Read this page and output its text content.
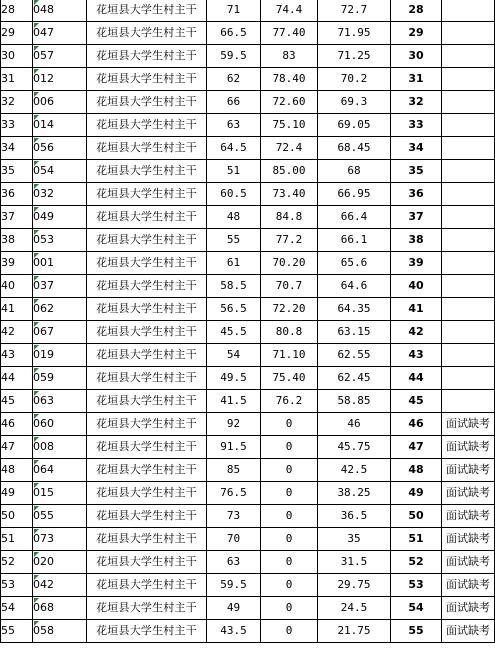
28	048	花垣县大学生村主干	71	74.4	72.7	28	
29	047	花垣县大学生村主干	66.5	77.40	71.95	29	
30	057	花垣县大学生村主干	59.5	83	71.25	30	
31	012	花垣县大学生村主干	62	78.40	70.2	31	
32	006	花垣县大学生村主干	66	72.60	69.3	32	
33	014	花垣县大学生村主干	63	75.10	69.05	33	
34	056	花垣县大学生村主干	64.5	72.4	68.45	34	
35	054	花垣县大学生村主干	51	85.00	68	35	
36	032	花垣县大学生村主干	60.5	73.40	66.95	36	
37	049	花垣县大学生村主干	48	84.8	66.4	37	
38	053	花垣县大学生村主干	55	77.2	66.1	38	
39	001	花垣县大学生村主干	61	70.20	65.6	39	
40	037	花垣县大学生村主干	58.5	70.7	64.6	40	
41	062	花垣县大学生村主干	56.5	72.20	64.35	41	
42	067	花垣县大学生村主干	45.5	80.8	63.15	42	
43	019	花垣县大学生村主干	54	71.10	62.55	43	
44	059	花垣县大学生村主干	49.5	75.40	62.45	44	
45	063	花垣县大学生村主干	41.5	76.2	58.85	45	
46	060	花垣县大学生村主干	92	0	46	46	面试缺考
47	008	花垣县大学生村主干	91.5	0	45.75	47	面试缺考
48	064	花垣县大学生村主干	85	0	42.5	48	面试缺考
49	015	花垣县大学生村主干	76.5	0	38.25	49	面试缺考
50	055	花垣县大学生村主干	73	0	36.5	50	面试缺考
51	073	花垣县大学生村主干	70	0	35	51	面试缺考
52	020	花垣县大学生村主干	63	0	31.5	52	面试缺考
53	042	花垣县大学生村主干	59.5	0	29.75	53	面试缺考
54	068	花垣县大学生村主干	49	0	24.5	54	面试缺考
55	058	花垣县大学生村主干	43.5	0	21.75	55	面试缺考
